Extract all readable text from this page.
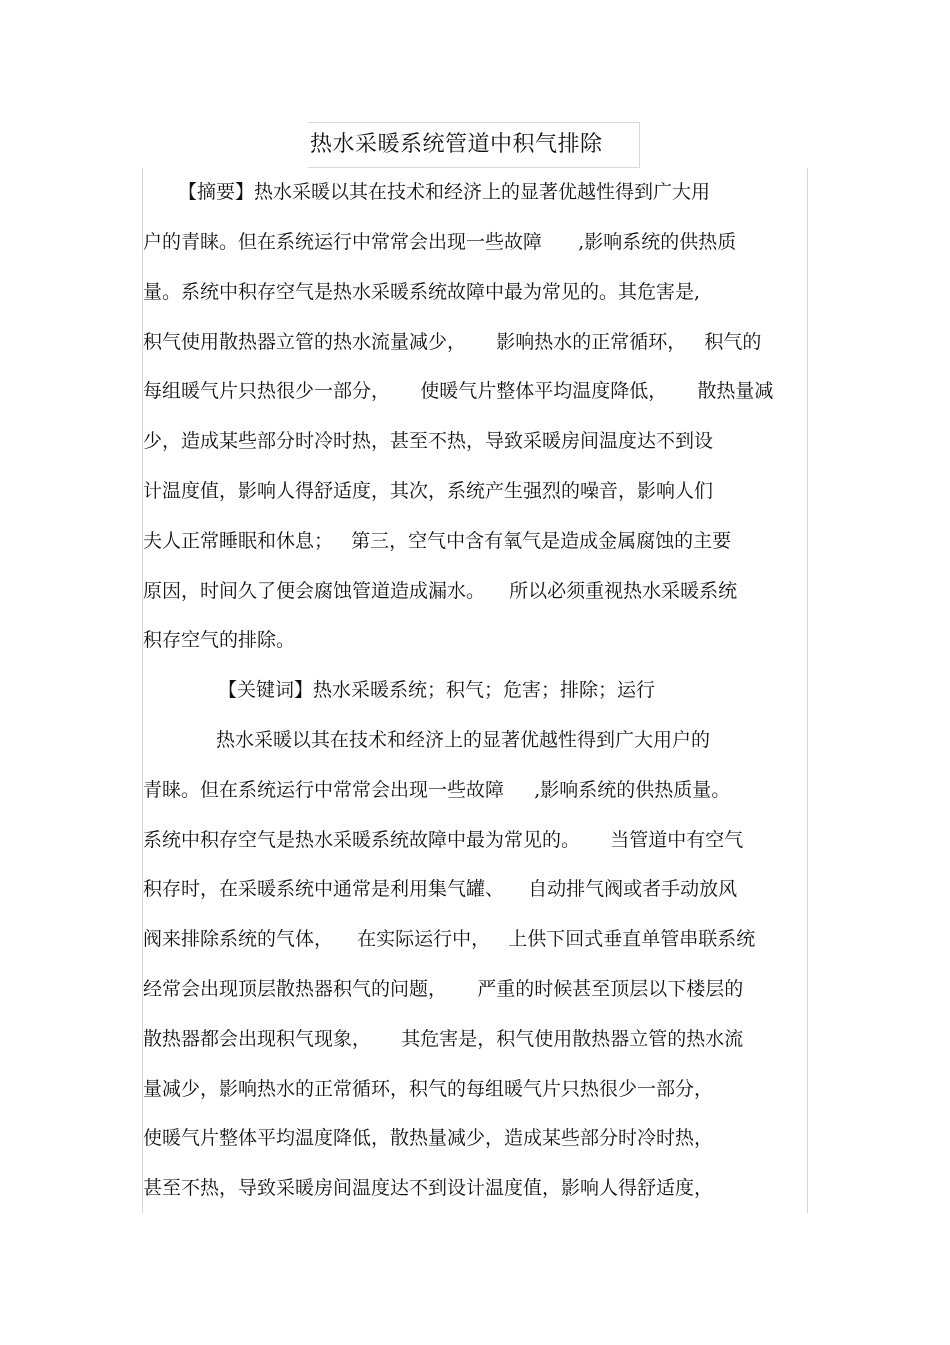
热水采暖系统管道中积气排除

【摘要】热水采暖以其在技术和经济上的显著优越性得到广大用

户的青睐。但在系统运行中常常会出现一些故障      ,影响系统的供热质

量。系统中积存空气是热水采暖系统故障中最为常见的。其危害是,

积气使用散热器立管的热水流量减少，     影响热水的正常循环，   积气的

每组暖气片只热很少一部分，     使暖气片整体平均温度降低，     散热量减

少，造成某些部分时冷时热，甚至不热，导致采暖房间温度达不到设

计温度值，影响人得舒适度，其次，系统产生强烈的噪音，影响人们

夫人正常睡眠和休息；   第三，空气中含有氧气是造成金属腐蚀的主要

原因，时间久了便会腐蚀管道造成漏水。    所以必须重视热水采暖系统

积存空气的排除。

【关键词】热水采暖系统；积气；危害；排除；运行

热水采暖以其在技术和经济上的显著优越性得到广大用户的

青睐。但在系统运行中常常会出现一些故障     ,影响系统的供热质量。

系统中积存空气是热水采暖系统故障中最为常见的。     当管道中有空气

积存时，在采暖系统中通常是利用集气罐、    自动排气阀或者手动放风

阀来排除系统的气体，    在实际运行中，   上供下回式垂直单管串联系统

经常会出现顶层散热器积气的问题，     严重的时候甚至顶层以下楼层的

散热器都会出现积气现象，     其危害是，积气使用散热器立管的热水流

量减少，影响热水的正常循环，积气的每组暖气片只热很少一部分，

使暖气片整体平均温度降低，散热量减少，造成某些部分时冷时热，

甚至不热，导致采暖房间温度达不到设计温度值，影响人得舒适度，
